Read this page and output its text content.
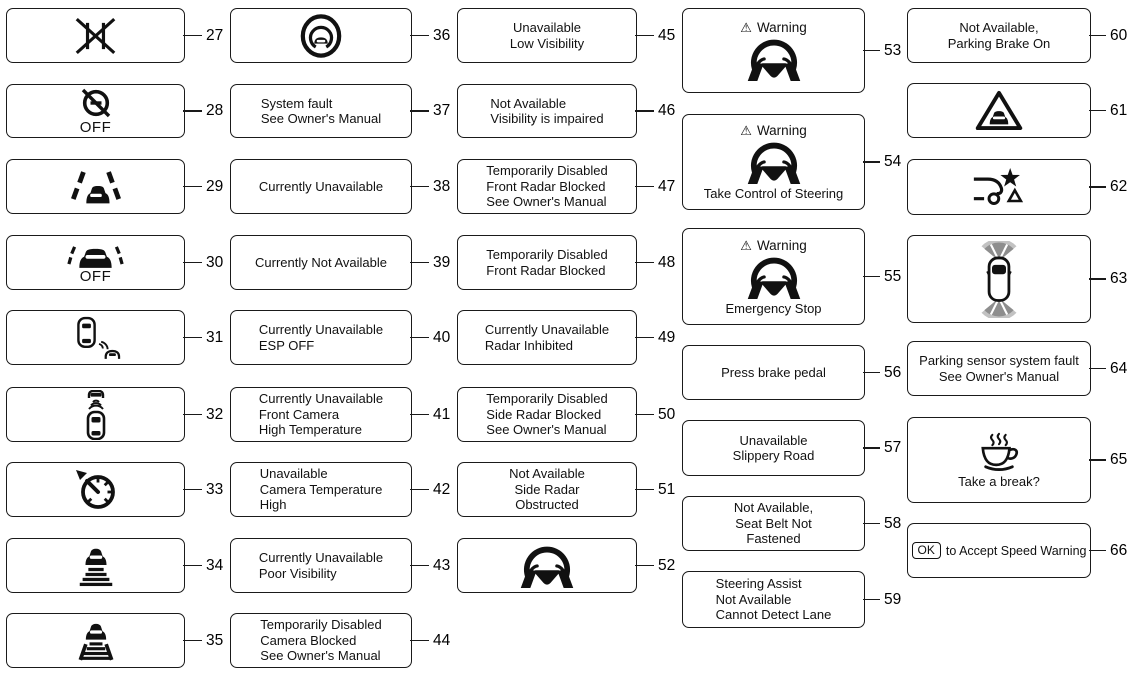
27
OFF
28
29
OFF
30
31
32
33
34
35
36
System fault
See Owner's Manual	37
Currently Unavailable	38
Currently Not Available	39
Currently Unavailable
ESP OFF	40
Currently Unavailable
Front Camera
High Temperature
41
Unavailable
Camera Temperature
High
42
Currently Unavailable
Poor Visibility	43
Temporarily Disabled
Camera Blocked
See Owner's Manual
44
Unavailable
Low Visibility	45
Not Available
Visibility is impaired	46
Temporarily Disabled
Front Radar Blocked
See Owner's Manual
47
Temporarily Disabled
Front Radar Blocked	48
Currently Unavailable
Radar Inhibited	49
Temporarily Disabled
Side Radar Blocked
See Owner's Manual
50
Not Available
Side Radar
Obstructed
51
52
⚠ Warning
53
⚠ Warning
Take Control of Steering
54
⚠ Warning
Emergency Stop
55
Press brake pedal	56
Unavailable
Slippery Road	57
Not Available,
Seat Belt Not
Fastened
58
Steering Assist
Not Available
Cannot Detect Lane
59
Not Available,
Parking Brake On	60
61
62
63
Parking sensor system fault
See Owner's Manual	64
Take a break?
65
OK to Accept Speed Warning 66
